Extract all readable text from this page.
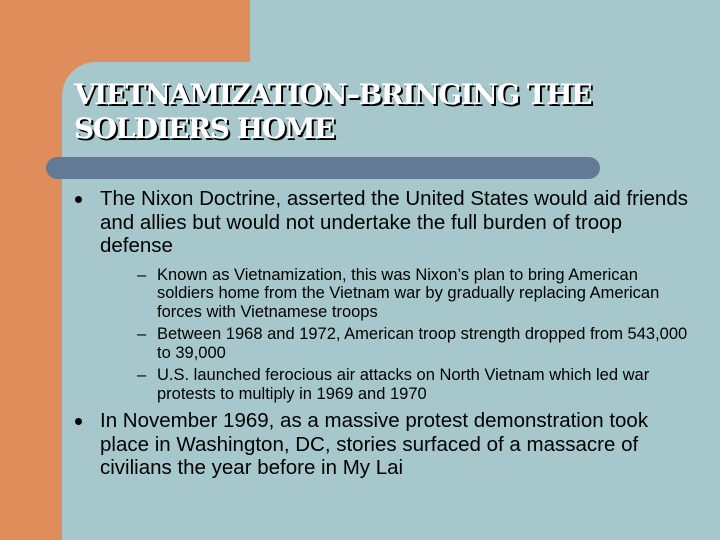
VIETNAMIZATION–BRINGING THE SOLDIERS HOME
The Nixon Doctrine, asserted the United States would aid friends and allies but would not undertake the full burden of troop defense
– Known as Vietnamization, this was Nixon’s plan to bring American soldiers home from the Vietnam war by gradually replacing American forces with Vietnamese troops
– Between 1968 and 1972, American troop strength dropped from 543,000 to 39,000
– U.S. launched ferocious air attacks on North Vietnam which led war protests to multiply in 1969 and 1970
In November 1969, as a massive protest demonstration took place in Washington, DC, stories surfaced of a massacre of civilians the year before in My Lai
